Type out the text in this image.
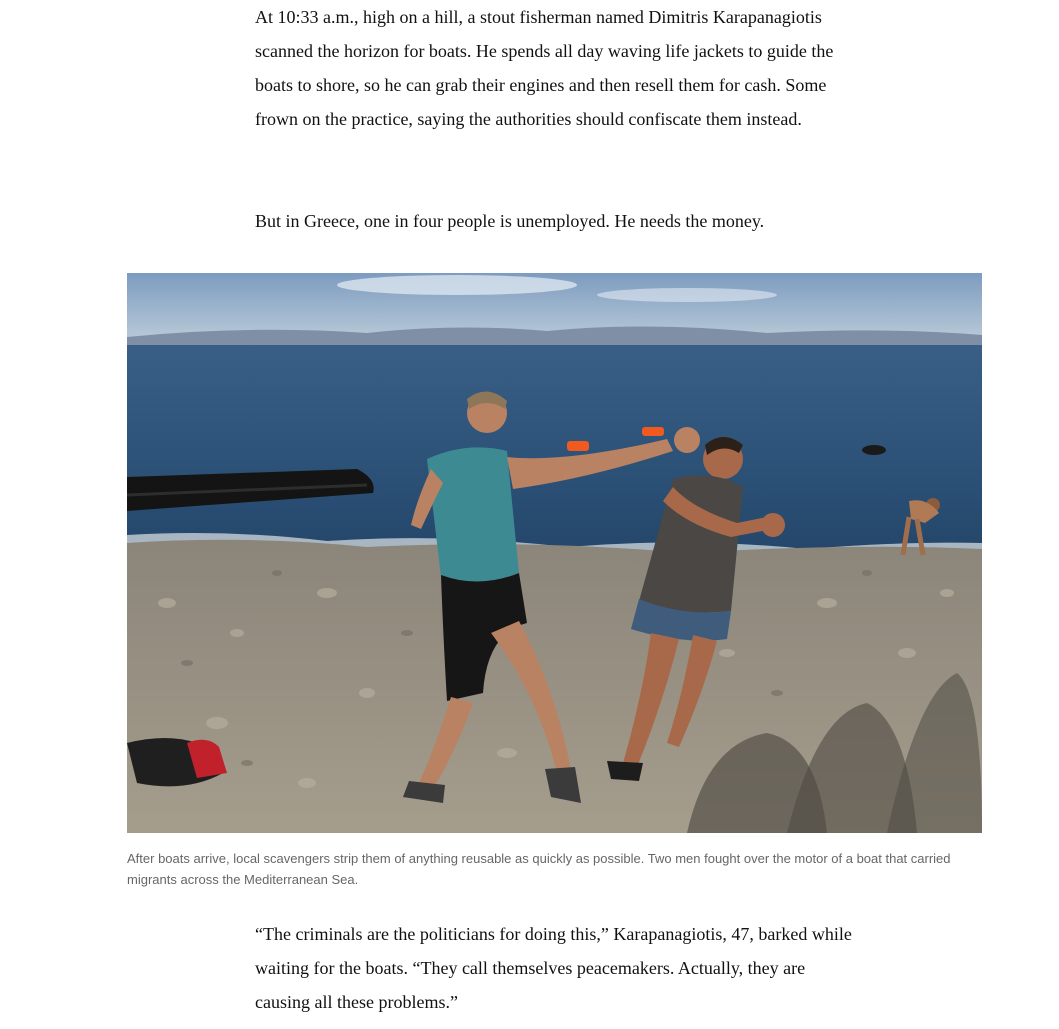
At 10:33 a.m., high on a hill, a stout fisherman named Dimitris Karapanagiotis scanned the horizon for boats. He spends all day waving life jackets to guide the boats to shore, so he can grab their engines and then resell them for cash. Some frown on the practice, saying the authorities should confiscate them instead.

But in Greece, one in four people is unemployed. He needs the money.

After boats arrive, local scavengers strip them of anything reusable as quickly as possible. Two men fought over the motor of a boat that carried migrants across the Mediterranean Sea.

“The criminals are the politicians for doing this,” Karapanagiotis, 47, barked while waiting for the boats. “They call themselves peacemakers. Actually, they are causing all these problems.”
